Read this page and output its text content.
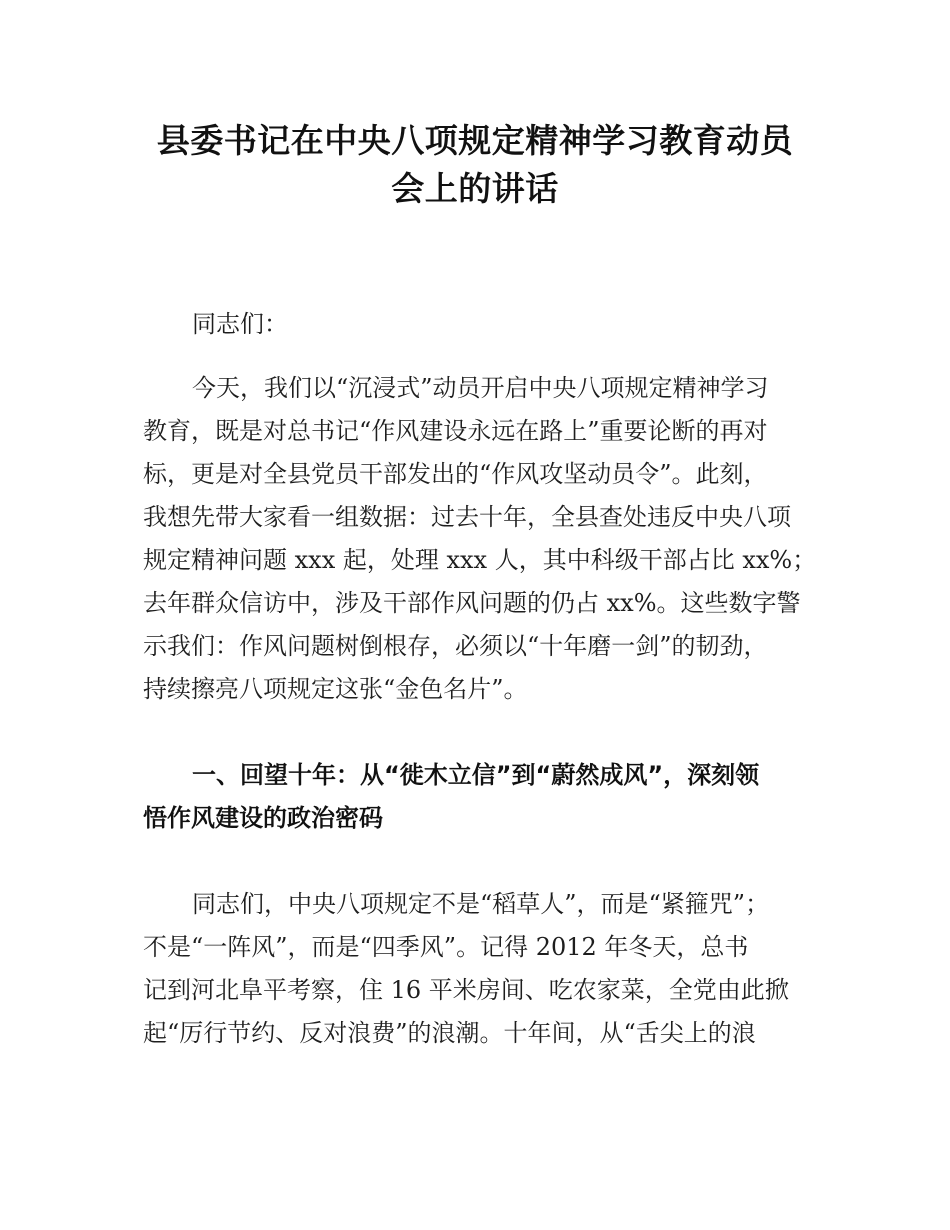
县委书记在中央八项规定精神学习教育动员
会上的讲话
同志们：
今天，我们以“沉浸式”动员开启中央八项规定精神学习
教育，既是对总书记“作风建设永远在路上”重要论断的再对
标，更是对全县党员干部发出的“作风攻坚动员令”。此刻，
我想先带大家看一组数据：过去十年，全县查处违反中央八项
规定精神问题 xxx 起，处理 xxx 人，其中科级干部占比 xx%；
去年群众信访中，涉及干部作风问题的仍占 xx%。这些数字警
示我们：作风问题树倒根存，必须以“十年磨一剑”的韧劲，
持续擦亮八项规定这张“金色名片”。
一、回望十年：从“徙木立信”到“蔚然成风”，深刻领
悟作风建设的政治密码
同志们，中央八项规定不是“稻草人”，而是“紧箍咒”；
不是“一阵风”，而是“四季风”。记得 2012 年冬天，总书
记到河北阜平考察，住 16 平米房间、吃农家菜，全党由此掀
起“厉行节约、反对浪费”的浪潮。十年间，从“舌尖上的浪
